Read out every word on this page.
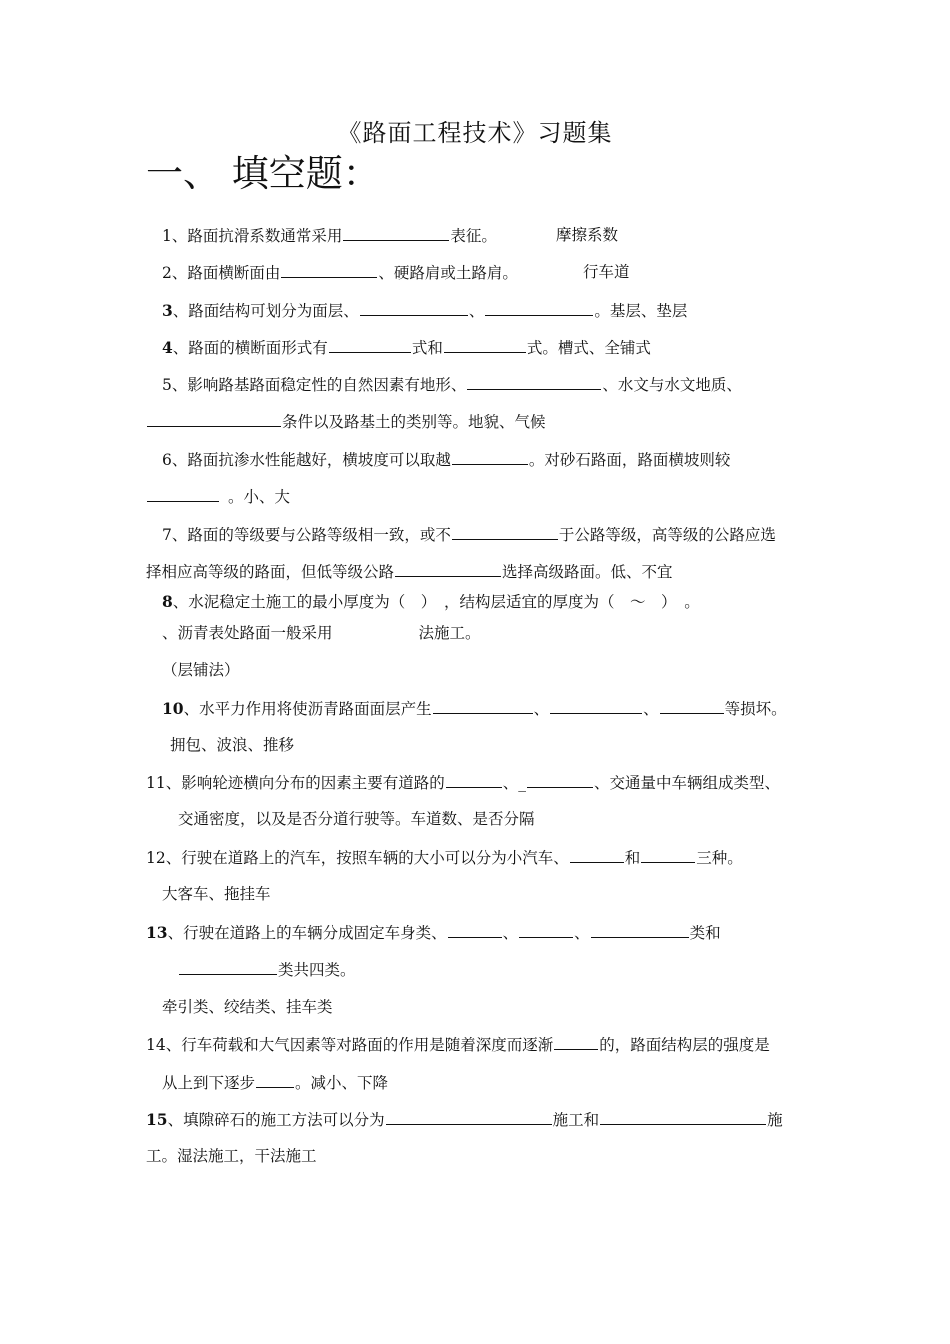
《路面工程技术》习题集
一、 填空题：
1、路面抗滑系数通常采用	表征。	摩擦系数
2、路面横断面由	、硬路肩或土路肩。	行车道
3、路面结构可划分为面层、	、	。基层、垫层
4、路面的横断面形式有	式和	式。槽式、全铺式
5、影响路基路面稳定性的自然因素有地形、	、水文与水文地质、
条件以及路基土的类别等。地貌、气候
6、路面抗渗水性能越好，横坡度可以取越	。对砂石路面，路面横坡则较
。小、大
7、路面的等级要与公路等级相一致，或不	于公路等级，高等级的公路应选
择相应高等级的路面，但低等级公路	选择高级路面。低、不宜
8、水泥稳定土施工的最小厚度为（　）　，结构层适宜的厚度为（　～　）　。
、沥青表处路面一般采用	法施工。
（层铺法）
10、水平力作用将使沥青路面面层产生	、	、	等损坏。
拥包、波浪、推移
11、影响轮迹横向分布的因素主要有道路的	、_	、交通量中车辆组成类型、
交通密度，以及是否分道行驶等。车道数、是否分隔
12、行驶在道路上的汽车，按照车辆的大小可以分为小汽车、	和	三种。
大客车、拖挂车
13、行驶在道路上的车辆分成固定车身类、	、	、	类和
类共四类。
牵引类、绞结类、挂车类
14、行车荷载和大气因素等对路面的作用是随着深度而逐渐	的，路面结构层的强度是
从上到下逐步	。减小、下降
15、填隙碎石的施工方法可以分为	施工和	施
工。湿法施工，干法施工
